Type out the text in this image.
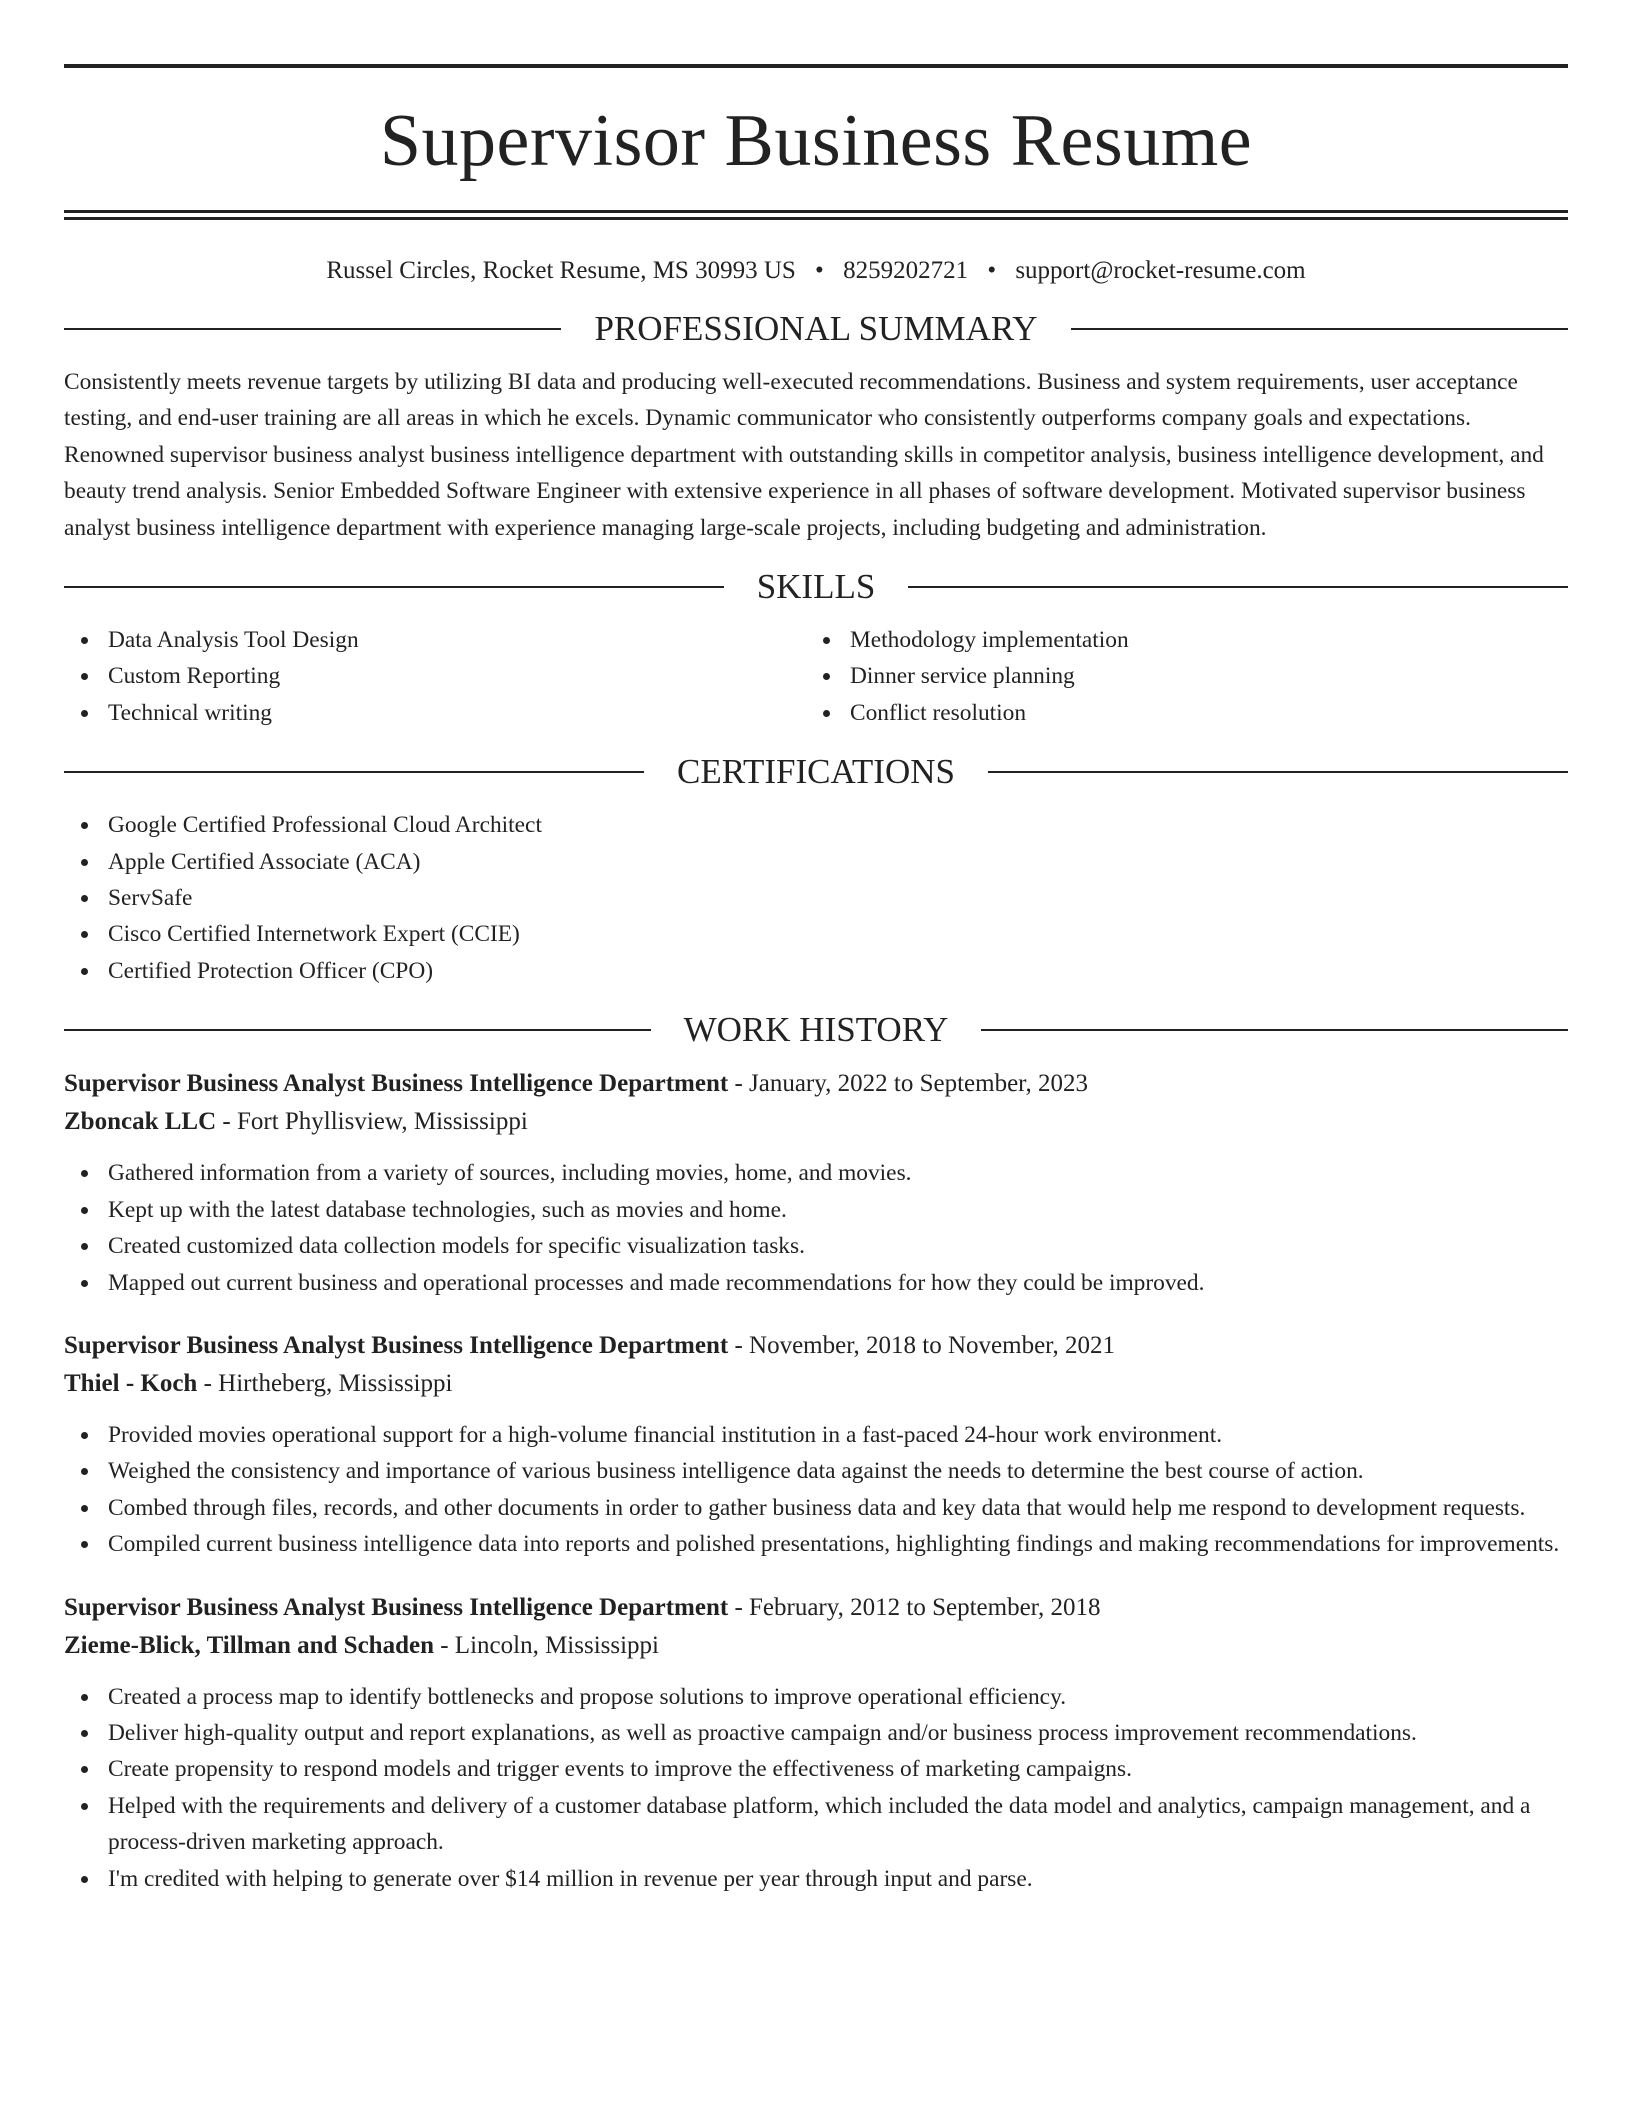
Supervisor Business Resume
Russel Circles, Rocket Resume, MS 30993 US • 8259202721 • support@rocket-resume.com
PROFESSIONAL SUMMARY

Consistently meets revenue targets by utilizing BI data and producing well-executed recommendations. Business and system requirements, user acceptance testing, and end-user training are all areas in which he excels. Dynamic communicator who consistently outperforms company goals and expectations. Renowned supervisor business analyst business intelligence department with outstanding skills in competitor analysis, business intelligence development, and beauty trend analysis. Senior Embedded Software Engineer with extensive experience in all phases of software development. Motivated supervisor business analyst business intelligence department with experience managing large-scale projects, including budgeting and administration.

SKILLS
Data Analysis Tool Design
Custom Reporting
Technical writing
Methodology implementation
Dinner service planning
Conflict resolution
CERTIFICATIONS
Google Certified Professional Cloud Architect
Apple Certified Associate (ACA)
ServSafe
Cisco Certified Internetwork Expert (CCIE)
Certified Protection Officer (CPO)
WORK HISTORY
Supervisor Business Analyst Business Intelligence Department - January, 2022 to September, 2023
Zboncak LLC - Fort Phyllisview, Mississippi
Gathered information from a variety of sources, including movies, home, and movies.
Kept up with the latest database technologies, such as movies and home.
Created customized data collection models for specific visualization tasks.
Mapped out current business and operational processes and made recommendations for how they could be improved.
Supervisor Business Analyst Business Intelligence Department - November, 2018 to November, 2021
Thiel - Koch - Hirtheberg, Mississippi
Provided movies operational support for a high-volume financial institution in a fast-paced 24-hour work environment.
Weighed the consistency and importance of various business intelligence data against the needs to determine the best course of action.
Combed through files, records, and other documents in order to gather business data and key data that would help me respond to development requests.
Compiled current business intelligence data into reports and polished presentations, highlighting findings and making recommendations for improvements.
Supervisor Business Analyst Business Intelligence Department - February, 2012 to September, 2018
Zieme-Blick, Tillman and Schaden - Lincoln, Mississippi
Created a process map to identify bottlenecks and propose solutions to improve operational efficiency.
Deliver high-quality output and report explanations, as well as proactive campaign and/or business process improvement recommendations.
Create propensity to respond models and trigger events to improve the effectiveness of marketing campaigns.
Helped with the requirements and delivery of a customer database platform, which included the data model and analytics, campaign management, and a process-driven marketing approach.
I'm credited with helping to generate over $14 million in revenue per year through input and parse.
